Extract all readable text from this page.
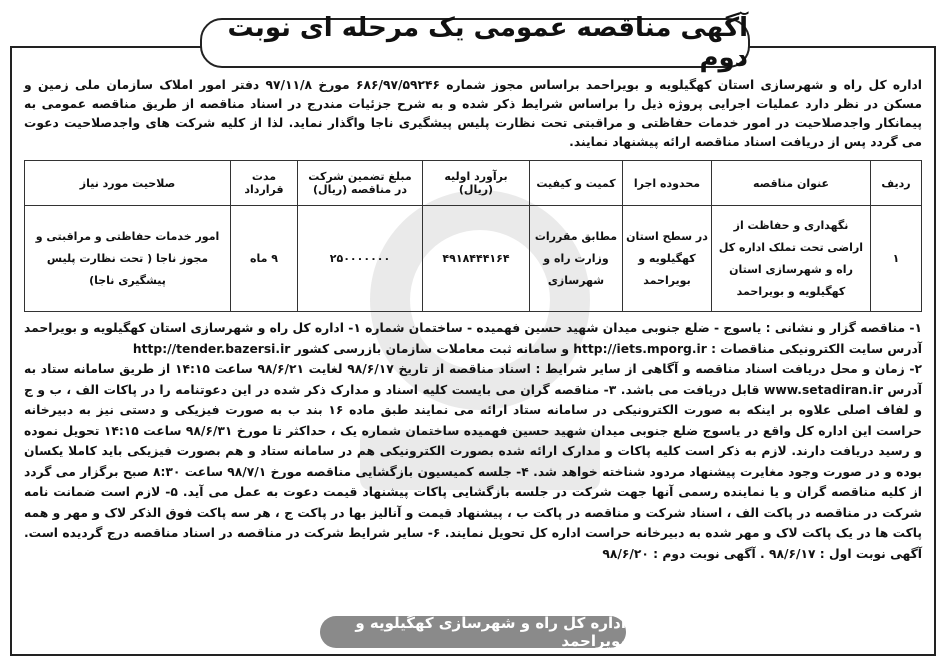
آگهی مناقصه عمومی یک مرحله ای نوبت دوم
اداره کل راه و شهرسازی استان کهگیلویه و بویراحمد براساس مجوز شماره ۶۸۶/۹۷/۵۹۲۴۶ مورخ ۹۷/۱۱/۸ دفتر امور املاک سازمان ملی زمین و مسکن در نظر دارد عملیات اجرایی پروژه ذیل را براساس شرایط ذکر شده و به شرح جزئیات مندرج در اسناد مناقصه از طریق مناقصه عمومی به پیمانکار واجدصلاحیت در امور خدمات حفاظتی و مراقبتی تحت نظارت پلیس پیشگیری ناجا واگذار نماید. لذا از کلیه شرکت های واجدصلاحیت دعوت می گردد پس از دریافت اسناد مناقصه ارائه پیشنهاد نمایند.
ردیف	عنوان مناقصه	محدوده اجرا	کمیت و کیفیت	برآورد اولیه (ریال)	مبلغ تضمین شرکت در مناقصه (ریال)	مدت قرارداد	صلاحیت مورد نیاز
۱	نگهداری و حفاظت از اراضی تحت تملک اداره کل راه و شهرسازی استان کهگیلویه و بویراحمد	در سطح استان کهگیلویه و بویراحمد	مطابق مقررات وزارت راه و شهرسازی	۴۹۱۸۴۴۴۱۶۴	۲۵۰۰۰۰۰۰۰	۹ ماه	امور خدمات حفاظتی و مراقبتی و مجوز ناجا ( تحت نظارت پلیس پیشگیری ناجا)

۱- مناقصه گزار و نشانی : یاسوج - ضلع جنوبی میدان شهید حسین فهمیده - ساختمان شماره ۱- اداره کل راه و شهرسازی استان کهگیلویه و بویراحمد آدرس سایت الکترونیکی مناقصات : http://iets.mporg.ir و سامانه ثبت معاملات سازمان بازرسی کشور http://tender.bazersi.ir

۲- زمان و محل دریافت اسناد مناقصه و آگاهی از سایر شرایط : اسناد مناقصه از تاریخ ۹۸/۶/۱۷ لغایت ۹۸/۶/۲۱ ساعت ۱۴:۱۵ از طریق سامانه ستاد به آدرس www.setadiran.ir قابل دریافت می باشد. ۳- مناقصه گران می بایست کلیه اسناد و مدارک ذکر شده در این دعوتنامه را در پاکات الف ، ب و ج و لفاف اصلی علاوه بر اینکه به صورت الکترونیکی در سامانه ستاد ارائه می نمایند طبق ماده ۱۶ بند ب به صورت فیزیکی و دستی نیز به دبیرخانه حراست این اداره کل واقع در یاسوج ضلع جنوبی میدان شهید حسین فهمیده ساختمان شماره یک ، حداکثر تا مورخ ۹۸/۶/۳۱ ساعت ۱۴:۱۵ تحویل نموده و رسید دریافت دارند. لازم به ذکر است کلیه پاکات و مدارک ارائه شده بصورت الکترونیکی هم در سامانه ستاد و هم بصورت فیزیکی باید کاملا یکسان بوده و در صورت وجود مغایرت پیشنهاد مردود شناخته خواهد شد. ۴- جلسه کمیسیون بازگشایی مناقصه مورخ ۹۸/۷/۱ ساعت ۸:۳۰ صبح برگزار می گردد از کلیه مناقصه گران و یا نماینده رسمی آنها جهت شرکت در جلسه بازگشایی پاکات پیشنهاد قیمت دعوت به عمل می آید. ۵- لازم است ضمانت نامه شرکت در مناقصه در پاکت الف ، اسناد شرکت و مناقصه در پاکت ب ، پیشنهاد قیمت و آنالیز بها در پاکت ج ، هر سه پاکت فوق الذکر لاک و مهر و همه پاکت ها در یک پاکت لاک و مهر شده به دبیرخانه حراست اداره کل تحویل نمایند. ۶- سایر شرایط شرکت در مناقصه در اسناد مناقصه درج گردیده است. آگهی نوبت اول : ۹۸/۶/۱۷ . آگهی نوبت دوم : ۹۸/۶/۲۰

اداره کل راه و شهرسازی کهگیلویه و بویراحمد
